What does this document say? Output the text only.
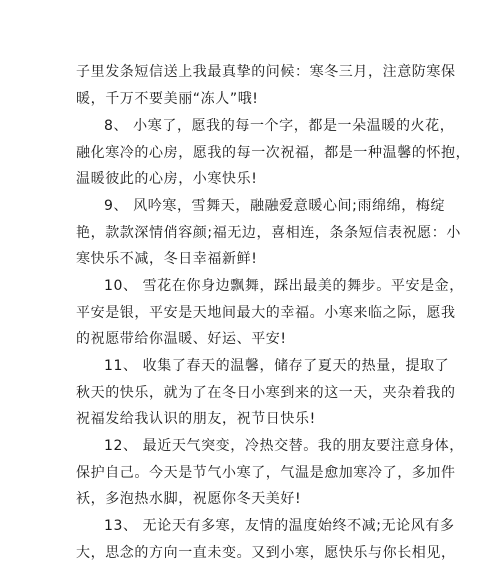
子里发条短信送上我最真挚的问候：寒冬三月，注意防寒保
暖，千万不要美丽“冻人”哦!
8、 小寒了，愿我的每一个字，都是一朵温暖的火花，
融化寒冷的心房，愿我的每一次祝福，都是一种温馨的怀抱，
温暖彼此的心房，小寒快乐!
9、 风吟寒，雪舞天，融融爱意暖心间;雨绵绵，梅绽
艳，款款深情俏容颜;福无边，喜相连，条条短信表祝愿：小
寒快乐不减，冬日幸福新鲜!
10、 雪花在你身边飘舞，踩出最美的舞步。平安是金，
平安是银，平安是天地间最大的幸福。小寒来临之际，愿我
的祝愿带给你温暖、好运、平安!
11、 收集了春天的温馨，储存了夏天的热量，提取了
秋天的快乐，就为了在冬日小寒到来的这一天，夹杂着我的
祝福发给我认识的朋友，祝节日快乐!
12、 最近天气突变，冷热交替。我的朋友要注意身体，
保护自己。今天是节气小寒了，气温是愈加寒冷了，多加件
袄，多泡热水脚，祝愿你冬天美好!
13、 无论天有多寒，友情的温度始终不减;无论风有多
大，思念的方向一直未变。又到小寒，愿快乐与你长相见，
